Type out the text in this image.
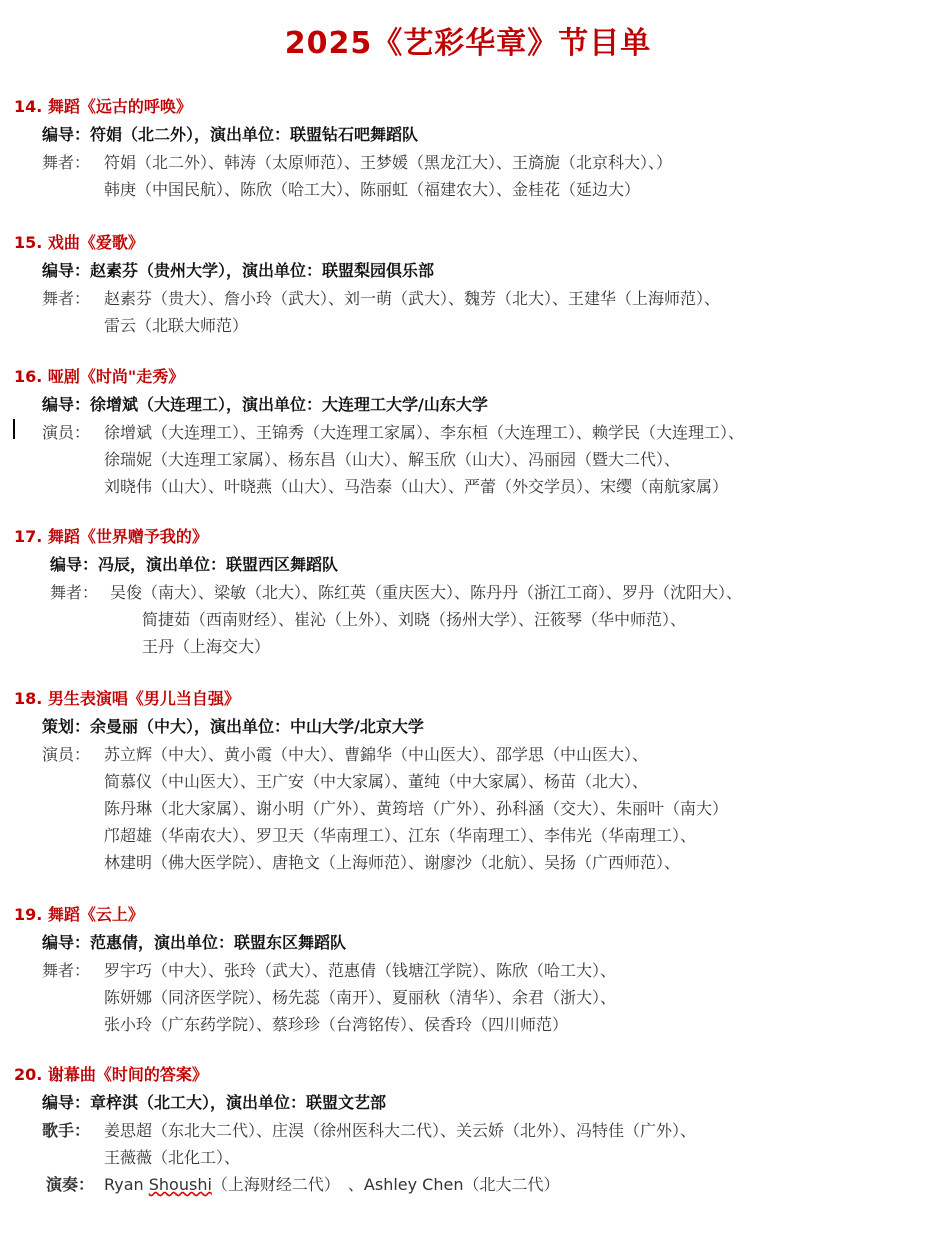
2025《艺彩华章》节目单
14. 舞蹈《远古的呼唤》
编导：符娟（北二外），演出单位：联盟钻石吧舞蹈队
舞者： 符娟（北二外）、韩涛（太原师范）、王梦媛（黑龙江大）、王旖旎（北京科大）、）
韩庚（中国民航）、陈欣（哈工大）、陈丽虹（福建农大）、金桂花（延边大）
15. 戏曲《爱歌》
编导：赵素芬（贵州大学），演出单位：联盟梨园俱乐部
舞者： 赵素芬（贵大）、詹小玲（武大）、刘一萌（武大）、魏芳（北大）、王建华（上海师范）、
雷云（北联大师范）
16. 哑剧《时尚"走秀》
编导：徐增斌（大连理工），演出单位：大连理工大学/山东大学
演员： 徐增斌（大连理工）、王锦秀（大连理工家属）、李东桓（大连理工）、赖学民（大连理工）、
徐瑞妮（大连理工家属）、杨东昌（山大）、解玉欣（山大）、冯丽园（暨大二代）、
刘晓伟（山大）、叶晓燕（山大）、马浩泰（山大）、严蕾（外交学员）、宋缨（南航家属）
17. 舞蹈《世界赠予我的》
编导：冯辰，演出单位：联盟西区舞蹈队
舞者： 吴俊（南大）、梁敏（北大）、陈红英（重庆医大）、陈丹丹（浙江工商）、罗丹（沈阳大）、
简捷茹（西南财经）、崔沁（上外）、刘晓（扬州大学）、汪筱琴（华中师范）、
王丹（上海交大）
18. 男生表演唱《男儿当自强》
策划：余曼丽（中大），演出单位：中山大学/北京大学
演员： 苏立辉（中大）、黄小霞（中大）、曹錦华（中山医大）、邵学思（中山医大）、
简慕仪（中山医大）、王广安（中大家属）、董纯（中大家属）、杨苗（北大）、
陈丹琳（北大家属）、谢小明（广外）、黄筠培（广外）、孙科涵（交大）、朱丽叶（南大）
邝超雄（华南农大）、罗卫天（华南理工）、江东（华南理工）、李伟光（华南理工）、
林建明（佛大医学院）、唐艳文（上海师范）、谢廖沙（北航）、吴扬（广西师范）、
19. 舞蹈《云上》
编导：范惠倩，演出单位：联盟东区舞蹈队
舞者： 罗宇巧（中大）、张玲（武大）、范惠倩（钱塘江学院）、陈欣（哈工大）、
陈妍娜（同济医学院）、杨先蕊（南开）、夏丽秋（清华）、余君（浙大）、
张小玲（广东药学院）、蔡珍珍（台湾铭传）、侯香玲（四川师范）
20. 谢幕曲《时间的答案》
编导：章梓淇（北工大），演出单位：联盟文艺部
歌手： 姜思超（东北大二代）、庄淏（徐州医科大二代）、关云娇（北外）、冯特佳（广外）、
王薇薇（北化工）、
演奏： Ryan Shoushi（上海财经二代）　、Ashley Chen（北大二代）
